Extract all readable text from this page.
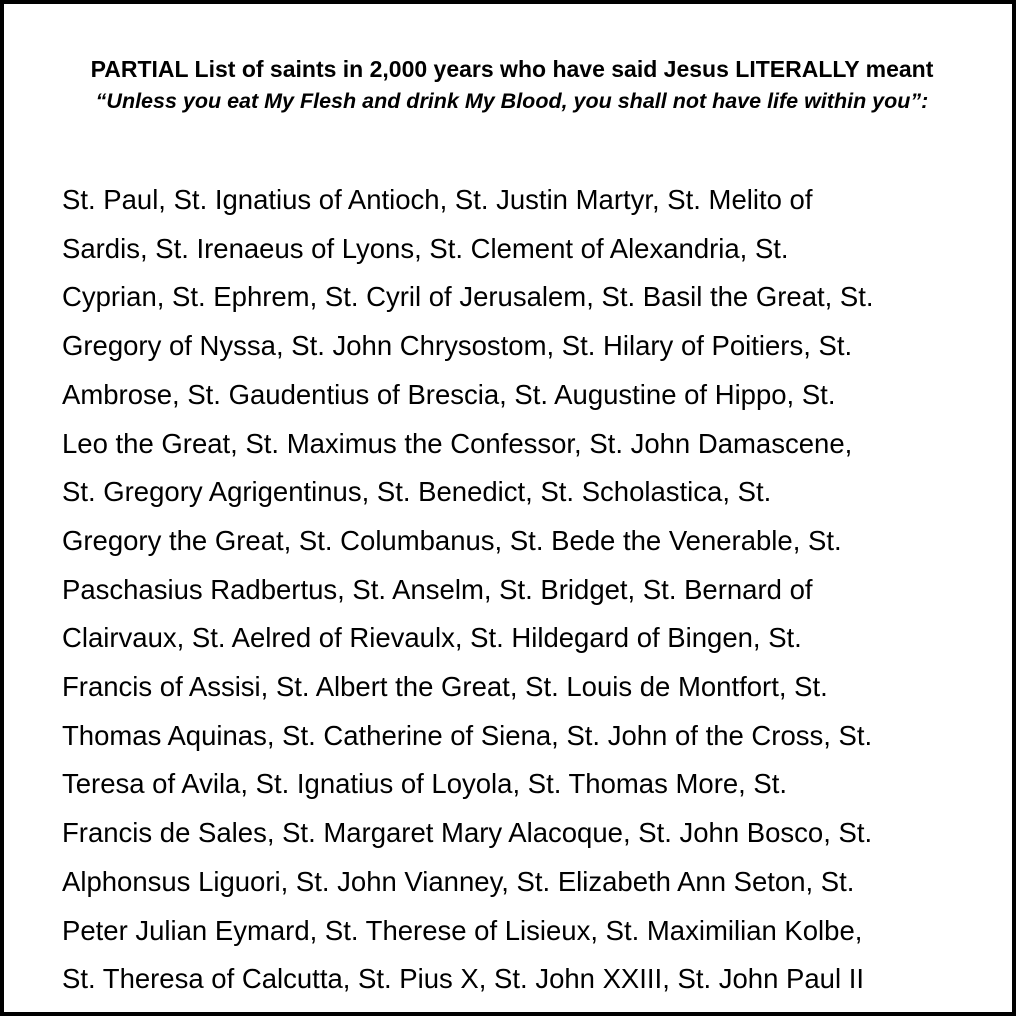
PARTIAL List of saints in 2,000 years who have said Jesus LITERALLY meant
“Unless you eat My Flesh and drink My Blood, you shall not have life within you”:
St. Paul, St. Ignatius of Antioch, St. Justin Martyr, St. Melito of
Sardis, St. Irenaeus of Lyons, St. Clement of Alexandria, St.
Cyprian, St. Ephrem, St. Cyril of Jerusalem, St. Basil the Great, St.
Gregory of Nyssa, St. John Chrysostom, St. Hilary of Poitiers, St.
Ambrose, St. Gaudentius of Brescia, St. Augustine of Hippo, St.
Leo the Great, St. Maximus the Confessor, St. John Damascene,
St. Gregory Agrigentinus, St. Benedict, St. Scholastica, St.
Gregory the Great, St. Columbanus, St. Bede the Venerable, St.
Paschasius Radbertus, St. Anselm, St. Bridget, St. Bernard of
Clairvaux, St. Aelred of Rievaulx, St. Hildegard of Bingen, St.
Francis of Assisi, St. Albert the Great, St. Louis de Montfort, St.
Thomas Aquinas, St. Catherine of Siena, St. John of the Cross, St.
Teresa of Avila, St. Ignatius of Loyola, St. Thomas More, St.
Francis de Sales, St. Margaret Mary Alacoque, St. John Bosco, St.
Alphonsus Liguori, St. John Vianney, St. Elizabeth Ann Seton, St.
Peter Julian Eymard, St. Therese of Lisieux, St. Maximilian Kolbe,
St. Theresa of Calcutta, St. Pius X, St. John XXIII, St. John Paul II
